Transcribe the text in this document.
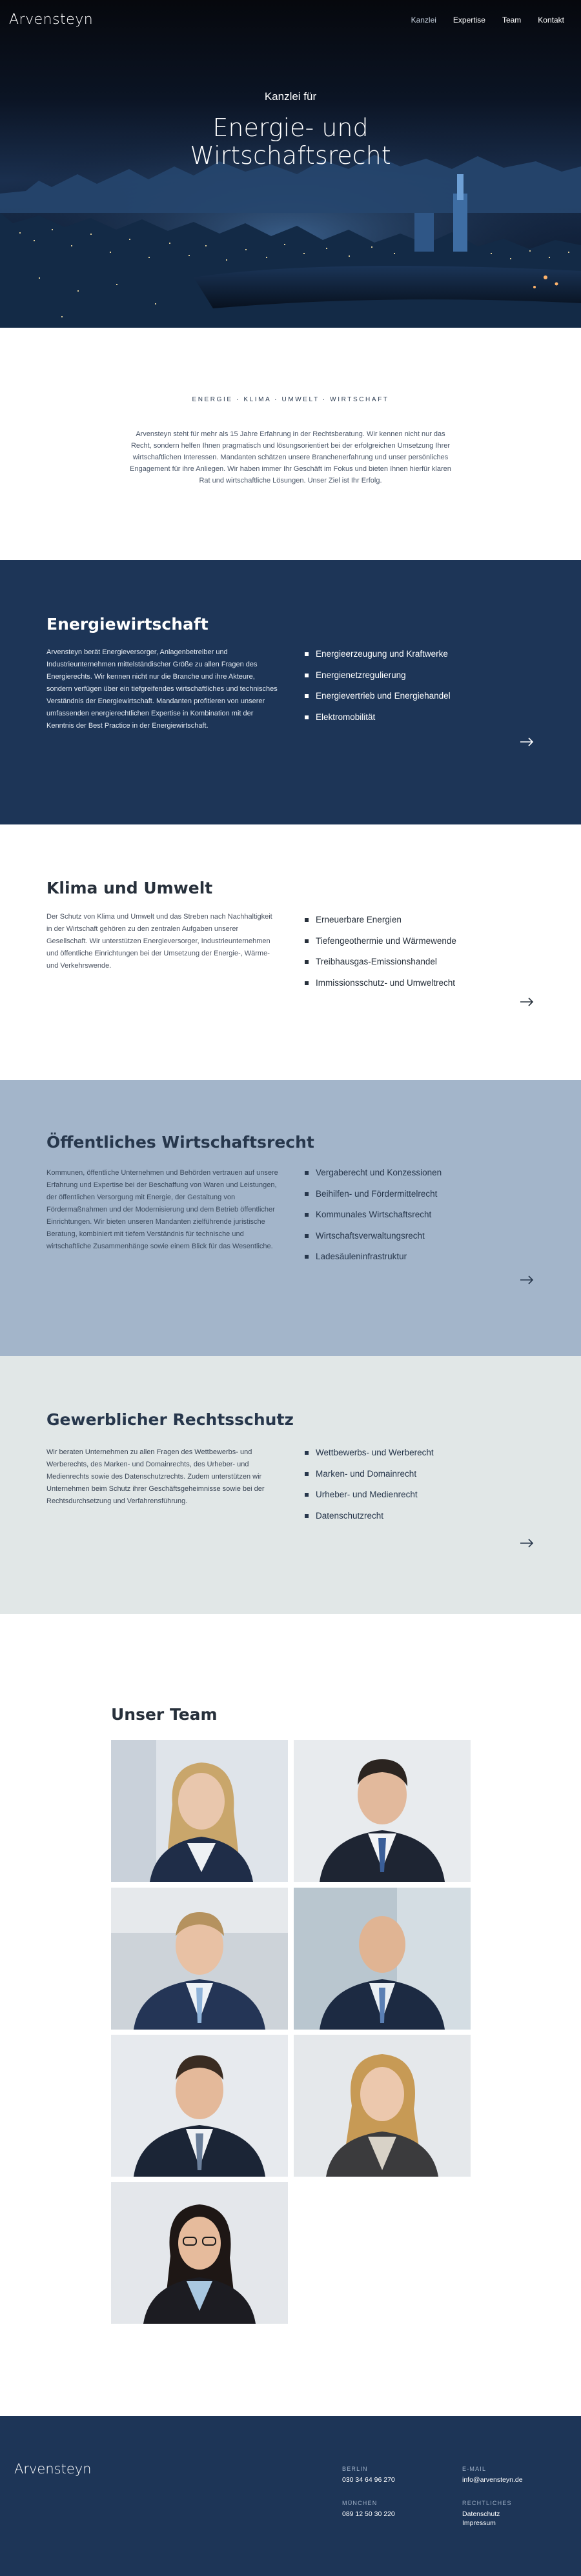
Arvensteyn	Kanzlei Expertise Team Kontakt
Kanzlei für
Energie- und
Wirtschaftsrecht
ENERGIE · KLIMA · UMWELT · WIRTSCHAFT

Arvensteyn steht für mehr als 15 Jahre Erfahrung in der Rechtsberatung. Wir kennen nicht nur das Recht, sondern helfen Ihnen pragmatisch und lösungsorientiert bei der erfolgreichen Umsetzung Ihrer wirtschaftlichen Interessen. Mandanten schätzen unsere Branchenerfahrung und unser persönliches Engagement für ihre Anliegen. Wir haben immer Ihr Geschäft im Fokus und bieten Ihnen hierfür klaren Rat und wirtschaftliche Lösungen. Unser Ziel ist Ihr Erfolg.

Energiewirtschaft

Arvensteyn berät Energieversorger, Anlagenbetreiber und Industrieunternehmen mittelständischer Größe zu allen Fragen des Energierechts. Wir kennen nicht nur die Branche und ihre Akteure, sondern verfügen über ein tiefgreifendes wirtschaftliches und technisches Verständnis der Energiewirtschaft. Mandanten profitieren von unserer umfassenden energierechtlichen Expertise in Kombination mit der Kenntnis der Best Practice in der Energiewirtschaft.

Energieerzeugung und Kraftwerke
Energienetzregulierung
Energievertrieb und Energiehandel
Elektromobilität
Klima und Umwelt

Der Schutz von Klima und Umwelt und das Streben nach Nachhaltigkeit in der Wirtschaft gehören zu den zentralen Aufgaben unserer Gesellschaft. Wir unterstützen Energieversorger, Industrieunternehmen und öffentliche Einrichtungen bei der Umsetzung der Energie-, Wärme- und Verkehrswende.

Erneuerbare Energien
Tiefengeothermie und Wärmewende
Treibhausgas-Emissionshandel
Immissionsschutz- und Umweltrecht
Öffentliches Wirtschaftsrecht

Kommunen, öffentliche Unternehmen und Behörden vertrauen auf unsere Erfahrung und Expertise bei der Beschaffung von Waren und Leistungen, der öffentlichen Versorgung mit Energie, der Gestaltung von Fördermaßnahmen und der Modernisierung und dem Betrieb öffentlicher Einrichtungen. Wir bieten unseren Mandanten zielführende juristische Beratung, kombiniert mit tiefem Verständnis für technische und wirtschaftliche Zusammenhänge sowie einem Blick für das Wesentliche.

Vergaberecht und Konzessionen
Beihilfen- und Fördermittelrecht
Kommunales Wirtschaftsrecht
Wirtschaftsverwaltungsrecht
Ladesäuleninfrastruktur
Gewerblicher Rechtsschutz

Wir beraten Unternehmen zu allen Fragen des Wettbewerbs- und Werberechts, des Marken- und Domainrechts, des Urheber- und Medienrechts sowie des Datenschutzrechts. Zudem unterstützen wir Unternehmen beim Schutz ihrer Geschäftsgeheimnisse sowie bei der Rechtsdurchsetzung und Verfahrensführung.

Wettbewerbs- und Werberecht
Marken- und Domainrecht
Urheber- und Medienrecht
Datenschutzrecht
Unser Team
Arvensteyn	BERLIN
030 34 64 96 270
MÜNCHEN
089 12 50 30 220
E-MAIL
info@arvensteyn.de
RECHTLICHES
Datenschutz
Impressum
